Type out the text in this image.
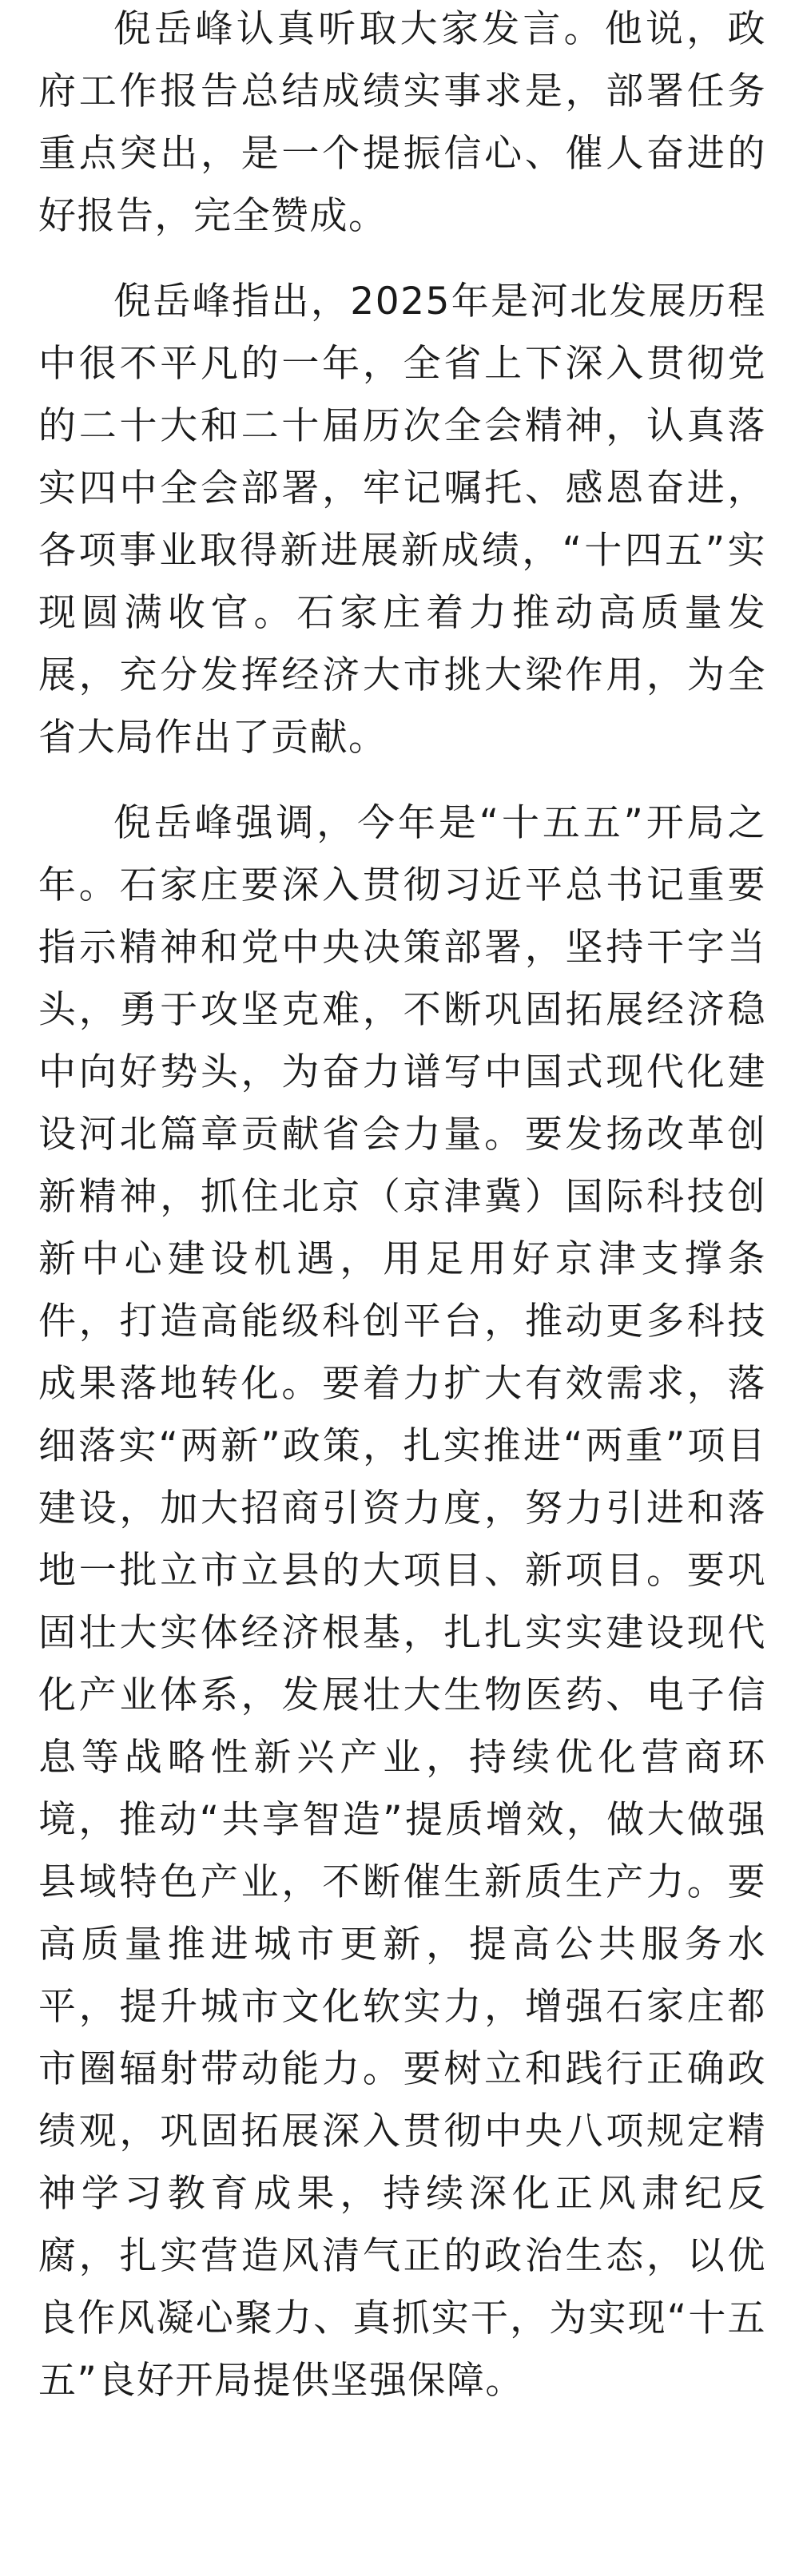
倪岳峰认真听取大家发言。他说，政府工作报告总结成绩实事求是，部署任务重点突出，是一个提振信心、催人奋进的好报告，完全赞成。

倪岳峰指出，2025年是河北发展历程中很不平凡的一年，全省上下深入贯彻党的二十大和二十届历次全会精神，认真落实四中全会部署，牢记嘱托、感恩奋进，各项事业取得新进展新成绩，“十四五”实现圆满收官。石家庄着力推动高质量发展，充分发挥经济大市挑大梁作用，为全省大局作出了贡献。

倪岳峰强调，今年是“十五五”开局之年。石家庄要深入贯彻习近平总书记重要指示精神和党中央决策部署，坚持干字当头，勇于攻坚克难，不断巩固拓展经济稳中向好势头，为奋力谱写中国式现代化建设河北篇章贡献省会力量。要发扬改革创新精神，抓住北京（京津冀）国际科技创新中心建设机遇，用足用好京津支撑条件，打造高能级科创平台，推动更多科技成果落地转化。要着力扩大有效需求，落细落实“两新”政策，扎实推进“两重”项目建设，加大招商引资力度，努力引进和落地一批立市立县的大项目、新项目。要巩固壮大实体经济根基，扎扎实实建设现代化产业体系，发展壮大生物医药、电子信息等战略性新兴产业，持续优化营商环境，推动“共享智造”提质增效，做大做强县域特色产业，不断催生新质生产力。要高质量推进城市更新，提高公共服务水平，提升城市文化软实力，增强石家庄都市圈辐射带动能力。要树立和践行正确政绩观，巩固拓展深入贯彻中央八项规定精神学习教育成果，持续深化正风肃纪反腐，扎实营造风清气正的政治生态，以优良作风凝心聚力、真抓实干，为实现“十五五”良好开局提供坚强保障。
